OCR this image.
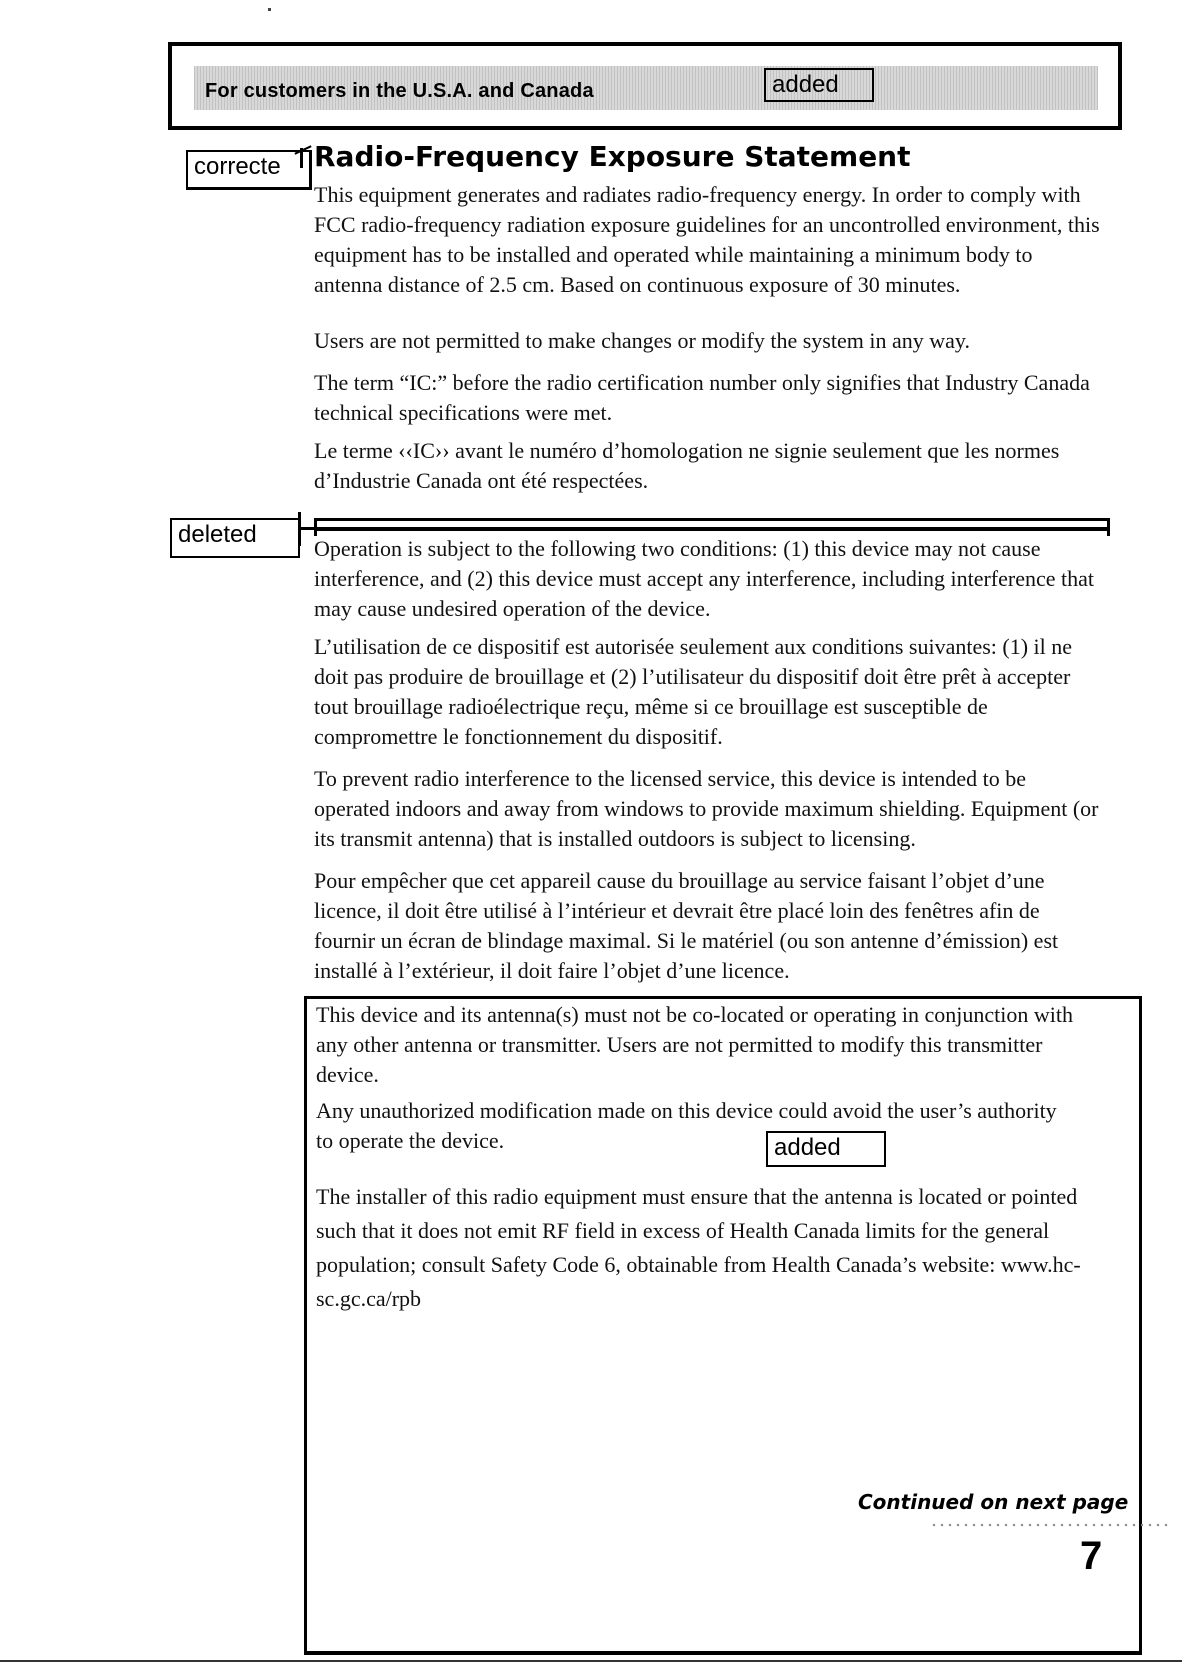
For customers in the U.S.A. and Canada	added
correcte	Radio-Frequency Exposure Statement

This equipment generates and radiates radio-frequency energy. In order to comply with FCC radio-frequency radiation exposure guidelines for an uncontrolled environment, this equipment has to be installed and operated while maintaining a minimum body to antenna distance of 2.5 cm. Based on continuous exposure of 30 minutes.

Users are not permitted to make changes or modify the system in any way.

The term “IC:” before the radio certification number only signifies that Industry Canada technical specifications were met.

Le terme ‹‹IC›› avant le numéro d’homologation ne signie seulement que les normes d’Industrie Canada ont été respectées.

deleted

Operation is subject to the following two conditions: (1) this device may not cause interference, and (2) this device must accept any interference, including interference that may cause undesired operation of the device.

L’utilisation de ce dispositif est autorisée seulement aux conditions suivantes: (1) il ne doit pas produire de brouillage et (2) l’utilisateur du dispositif doit être prêt à accepter tout brouillage radioélectrique reçu, même si ce brouillage est susceptible de compromettre le fonctionnement du dispositif.

To prevent radio interference to the licensed service, this device is intended to be operated indoors and away from windows to provide maximum shielding. Equipment (or its transmit antenna) that is installed outdoors is subject to licensing.

Pour empêcher que cet appareil cause du brouillage au service faisant l’objet d’une licence, il doit être utilisé à l’intérieur et devrait être placé loin des fenêtres afin de fournir un écran de blindage maximal. Si le matériel (ou son antenne d’émission) est installé à l’extérieur, il doit faire l’objet d’une licence.

This device and its antenna(s) must not be co-located or operating in conjunction with any other antenna or transmitter. Users are not permitted to modify this transmitter device.

Any unauthorized modification made on this device could avoid the user’s authority to operate the device.	added

The installer of this radio equipment must ensure that the antenna is located or pointed such that it does not emit RF field in excess of Health Canada limits for the general population; consult Safety Code 6, obtainable from Health Canada’s website: www.hc-sc.gc.ca/rpb

Continued on next page
7
